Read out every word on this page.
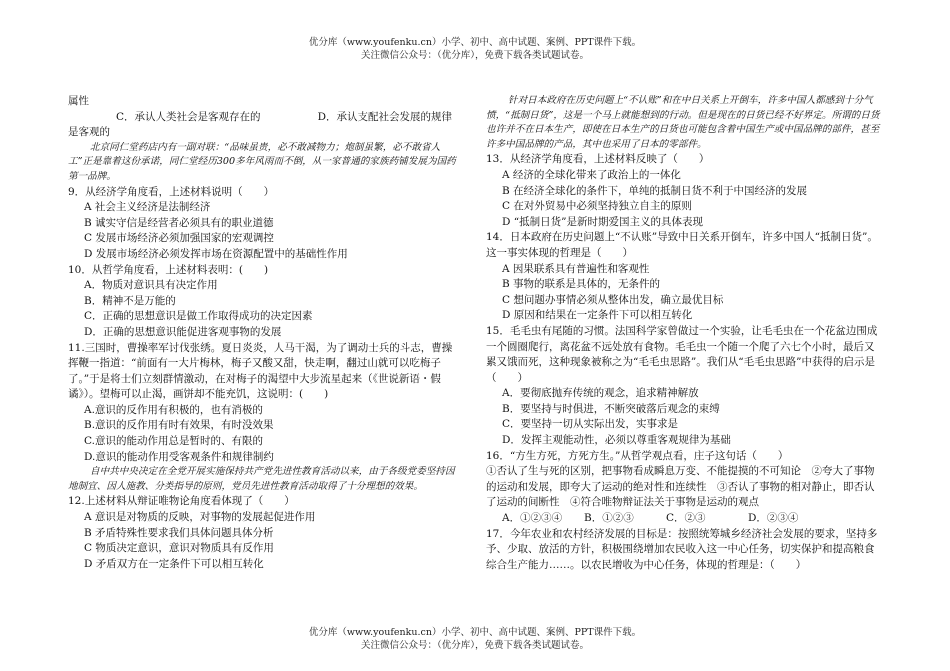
优分库（www.youfenku.cn）小学、初中、高中试题、案例、PPT课件下载。
关注微信公众号：（优分库），免费下载各类试题试卷。

属性

C．承认人类社会是客观存在的	D．承认支配社会发展的规律

是客观的

北京同仁堂药店内有一副对联：“品味虽贵，必不敢减物力；炮制虽繁，必不敢省人工”正是靠着这份承诺，同仁堂经历300多年风雨而不倒，从一家普通的家族药铺发展为国药第一品牌。

9．从经济学角度看，上述材料说明（　　）

A 社会主义经济是法制经济

B 诚实守信是经营者必须具有的职业道德

C 发展市场经济必须加强国家的宏观调控

D 发展市场经济必须发挥市场在资源配置中的基础性作用

10．从哲学角度看，上述材料表明：(　　)

A．物质对意识具有决定作用

B．精神不是万能的

C．正确的思想意识是做工作取得成功的决定因素

D．正确的思想意识能促进客观事物的发展

11.三国时，曹操率军讨伐张绣。夏日炎炎，人马干渴，为了调动士兵的斗志，曹操挥鞭一指道：“前面有一大片梅林，梅子又酸又甜，快走啊，翻过山就可以吃梅子了。”于是将士们立刻群情激动，在对梅子的渴望中大步流星起来（《世说新语・假谲》）。望梅可以止渴，画饼却不能充饥，这说明：(　　)

A.意识的反作用有积极的，也有消极的

B.意识的反作用有时有效果，有时没效果

C.意识的能动作用总是暂时的、有限的

D.意识的能动作用受客观条件和规律制约

自中共中央决定在全党开展实施保持共产党先进性教育活动以来，由于各级党委坚持因地制宜、因人施教、分类指导的原则，党员先进性教育活动取得了十分理想的效果。

12.上述材料从辩证唯物论角度看体现了（　　）

A 意识是对物质的反映，对事物的发展起促进作用

B 矛盾特殊性要求我们具体问题具体分析

C 物质决定意识，意识对物质具有反作用

D 矛盾双方在一定条件下可以相互转化

针对日本政府在历史问题上“不认账”和在中日关系上开倒车，许多中国人都感到十分气愤，“抵制日货”，这是一个马上就能想到的行动。但是现在的日货已经不好界定。所谓的日货也许并不在日本生产，即使在日本生产的日货也可能包含着中国生产或中国品牌的部件，甚至许多中国品牌的产品，其中也采用了日本的零部件。

13．从经济学角度看，上述材料反映了（　　）

A 经济的全球化带来了政治上的一体化

B 在经济全球化的条件下，单纯的抵制日货不利于中国经济的发展

C 在对外贸易中必须坚持独立自主的原则

D “抵制日货”是新时期爱国主义的具体表现

14．日本政府在历史问题上“不认账”导致中日关系开倒车，许多中国人“抵制日货”。这一事实体现的哲理是（　　）

A 因果联系具有普遍性和客观性

B 事物的联系是具体的，无条件的

C 想问题办事情必须从整体出发，确立最优目标

D 原因和结果在一定条件下可以相互转化

15．毛毛虫有尾随的习惯。法国科学家曾做过一个实验，让毛毛虫在一个花盆边围成一个圆圈爬行，离花盆不远处放有食物。毛毛虫一个随一个爬了六七个小时，最后又累又饿而死，这种现象被称之为“毛毛虫思路”。我们从“毛毛虫思路”中获得的启示是（　　）

A．要彻底抛弃传统的观念，追求精神解放

B．要坚持与时俱进，不断突破落后观念的束缚

C．要坚持一切从实际出发，实事求是

D．发挥主观能动性，必须以尊重客观规律为基础

16．“方生方死，方死方生。”从哲学观点看，庄子这句话（　　）

①否认了生与死的区别，把事物看成瞬息万变、不能提摸的不可知论　②夸大了事物的运动和发展，即夸大了运动的绝对性和连续性　③否认了事物的相对静止，即否认了运动的间断性　④符合唯物辩证法关于事物是运动的观点

A．①②③④	B．①②③	C．②③	D．②③④

17．今年农业和农村经济发展的目标是：按照统筹城乡经济社会发展的要求，坚持多予、少取、放活的方针，积极围绕增加农民收入这一中心任务，切实保护和提高粮食综合生产能力……。以农民增收为中心任务，体现的哲理是：（　　）

优分库（www.youfenku.cn）小学、初中、高中试题、案例、PPT课件下载。
关注微信公众号：（优分库），免费下载各类试题试卷。
